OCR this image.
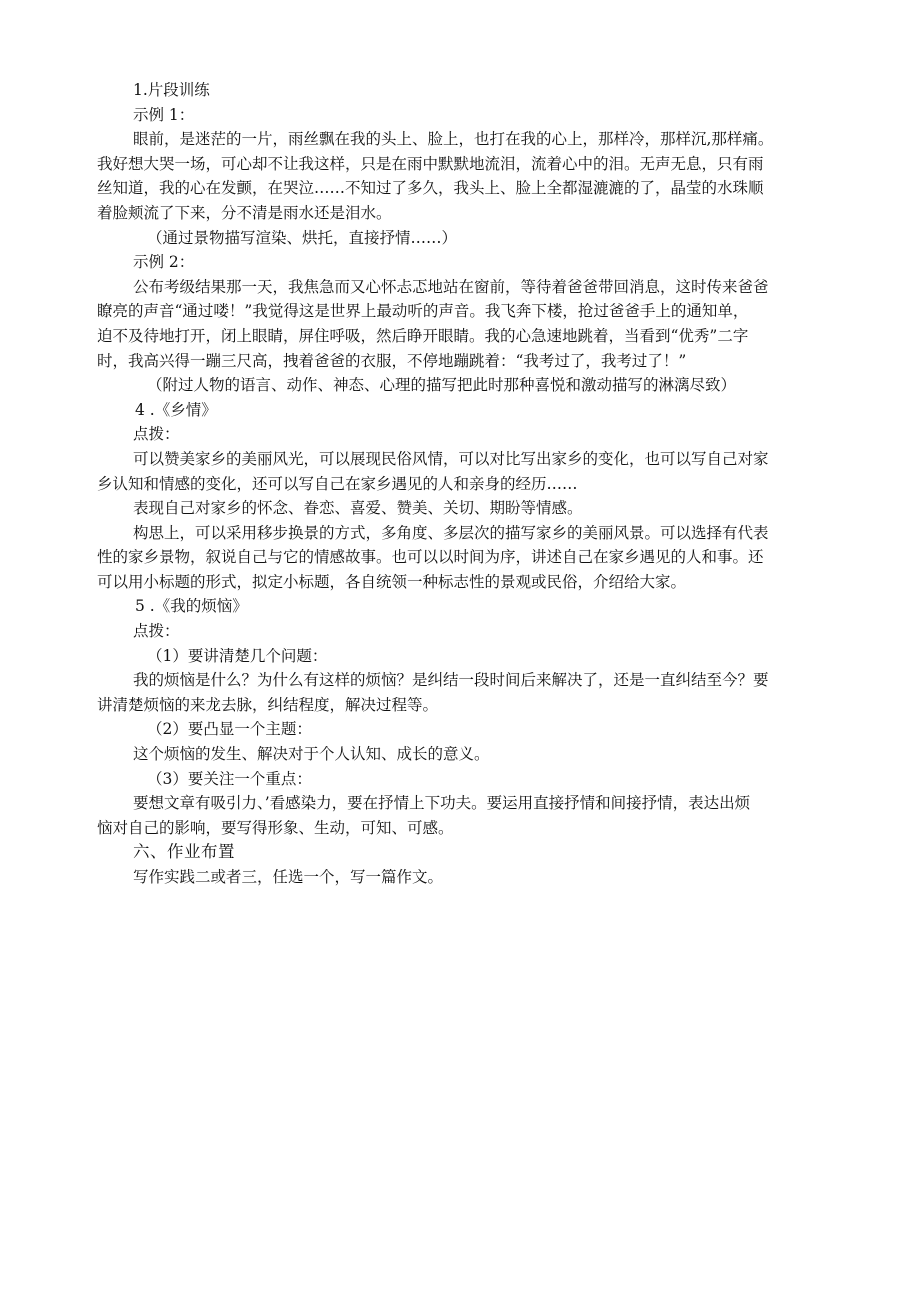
1.片段训练
示例 1：
眼前，是迷茫的一片，雨丝飘在我的头上、脸上，也打在我的心上，那样冷，那样沉,那样痛。
我好想大哭一场，可心却不让我这样，只是在雨中默默地流泪，流着心中的泪。无声无息，只有雨
丝知道，我的心在发颤，在哭泣……不知过了多久，我头上、脸上全都湿漉漉的了，晶莹的水珠顺
着脸颊流了下来，分不清是雨水还是泪水。
（通过景物描写渲染、烘托，直接抒情……）
示例 2：
公布考级结果那一天，我焦急而又心怀忐忑地站在窗前，等待着爸爸带回消息，这时传来爸爸
瞭亮的声音“通过喽！”我觉得这是世界上最动听的声音。我飞奔下楼，抢过爸爸手上的通知单，
迫不及待地打开，闭上眼睛，屏住呼吸，然后睁开眼睛。我的心急速地跳着，当看到“优秀”二字
时，我高兴得一蹦三尺高，拽着爸爸的衣服，不停地蹦跳着：“我考过了，我考过了！”
（附过人物的语言、动作、神态、心理的描写把此时那种喜悦和激动描写的淋漓尽致）
4 .《乡情》
点拨：
可以赞美家乡的美丽风光，可以展现民俗风情，可以对比写出家乡的变化，也可以写自己对家
乡认知和情感的变化，还可以写自己在家乡遇见的人和亲身的经历……
表现自己对家乡的怀念、眷恋、喜爱、赞美、关切、期盼等情感。
构思上，可以采用移步换景的方式，多角度、多层次的描写家乡的美丽风景。可以选择有代表
性的家乡景物，叙说自己与它的情感故事。也可以以时间为序，讲述自己在家乡遇见的人和事。还
可以用小标题的形式，拟定小标题，各自统领一种标志性的景观或民俗，介绍给大家。
5 .《我的烦恼》
点拨：
（1）要讲清楚几个问题：
我的烦恼是什么？为什么有这样的烦恼？是纠结一段时间后来解决了，还是一直纠结至今？要
讲清楚烦恼的来龙去脉，纠结程度，解决过程等。
（2）要凸显一个主题：
这个烦恼的发生、解决对于个人认知、成长的意义。
（3）要关注一个重点：
要想文章有吸引力、’看感染力，要在抒情上下功夫。要运用直接抒情和间接抒情，表达出烦
恼对自己的影响，要写得形象、生动，可知、可感。
六、作业布置
写作实践二或者三，任选一个，写一篇作文。
